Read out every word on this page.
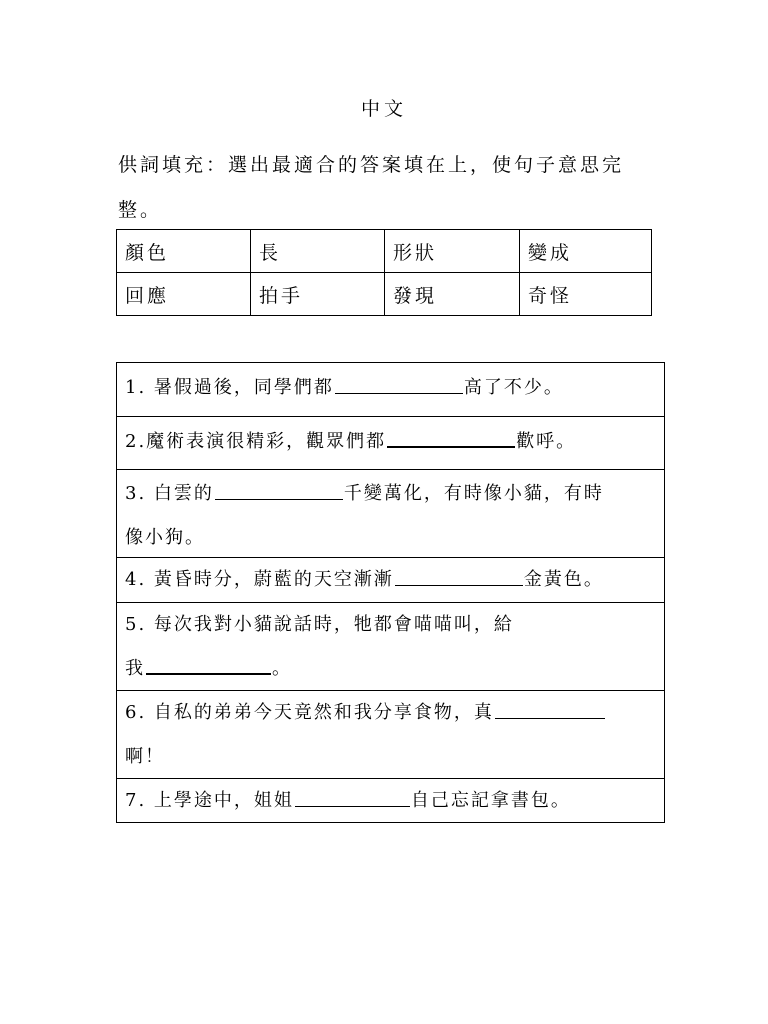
中文
供詞填充：選出最適合的答案填在上，使句子意思完
整。
顏色	長	形狀	變成
回應	拍手	發現	奇怪
1. 暑假過後，同學們都	高了不少。
2.魔術表演很精彩，觀眾們都	歡呼。
3. 白雲的	千變萬化，有時像小貓，有時
像小狗。
4. 黃昏時分，蔚藍的天空漸漸	金黃色。
5. 每次我對小貓說話時，牠都會喵喵叫，給
我	。
6. 自私的弟弟今天竟然和我分享食物，真
啊！
7. 上學途中，姐姐	自己忘記拿書包。
